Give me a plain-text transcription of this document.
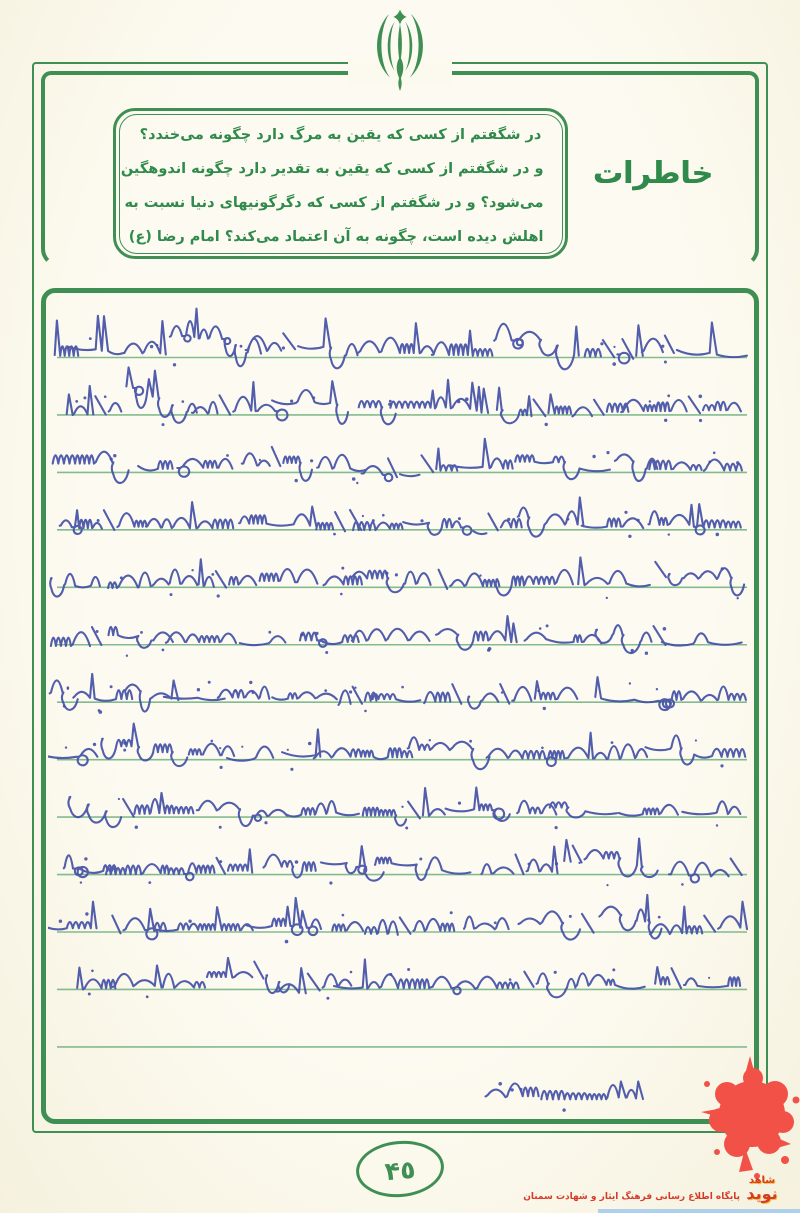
در شگفتم از کسی که یقین به مرگ دارد چگونه می‌خندد؟
و در شگفتم از کسی که یقین به تقدیر دارد چگونه اندوهگین
می‌شود؟ و در شگفتم از کسی که دگرگونیهای دنیا نسبت به
اهلش دیده است، چگونه به آن اعتماد می‌کند؟ امام رضا (ع)
خاطرات
۴٥	شاهد
نوید
پایگاه اطلاع رسانی فرهنگ ایثار و شهادت سمنان
